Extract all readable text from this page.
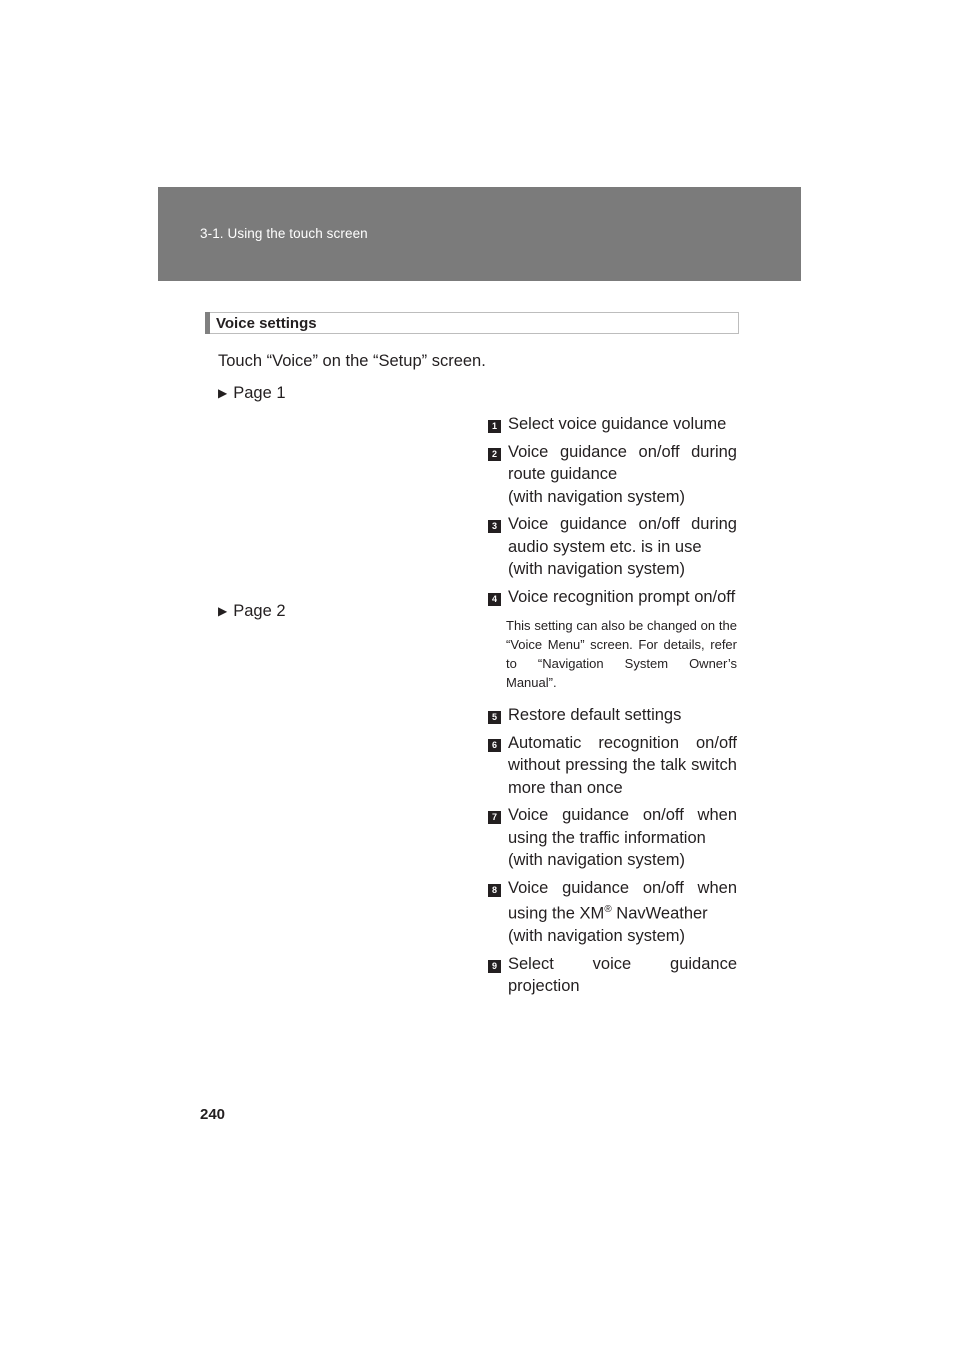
3-1. Using the touch screen
Voice settings
Touch “Voice” on the “Setup” screen.
▶ Page 1
▶ Page 2
1 Select voice guidance volume
2 Voice guidance on/off during route guidance
(with navigation system)
3 Voice guidance on/off during audio system etc. is in use
(with navigation system)
4 Voice recognition prompt on/off
This setting can also be changed on the “Voice Menu” screen. For details, refer to “Navigation System Owner’s Manual”.
5 Restore default settings
6 Automatic recognition on/off without pressing the talk switch more than once
7 Voice guidance on/off when using the traffic information
(with navigation system)
8 Voice guidance on/off when using the XM® NavWeather
(with navigation system)
9 Select voice guidance projection
240
